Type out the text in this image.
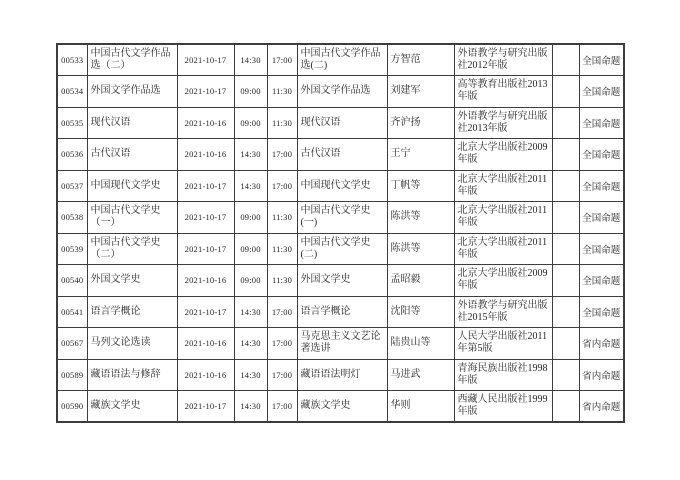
00533	中国古代文学作品选（二）	2021-10-17	14:30	17:00	中国古代文学作品选(二)	方智范	外语教学与研究出版社2012年版		全国命题
00534	外国文学作品选	2021-10-17	09:00	11:30	外国文学作品选	刘建军	高等教育出版社2013年版		全国命题
00535	现代汉语	2021-10-16	09:00	11:30	现代汉语	齐沪扬	外语教学与研究出版社2013年版		全国命题
00536	古代汉语	2021-10-16	14:30	17:00	古代汉语	王宁	北京大学出版社2009年版		全国命题
00537	中国现代文学史	2021-10-17	14:30	17:00	中国现代文学史	丁帆等	北京大学出版社2011年版		全国命题
00538	中国古代文学史（一）	2021-10-17	09:00	11:30	中国古代文学史(一)	陈洪等	北京大学出版社2011年版		全国命题
00539	中国古代文学史（二）	2021-10-17	09:00	11:30	中国古代文学史(二)	陈洪等	北京大学出版社2011年版		全国命题
00540	外国文学史	2021-10-16	09:00	11:30	外国文学史	孟昭毅	北京大学出版社2009年版		全国命题
00541	语言学概论	2021-10-17	14:30	17:00	语言学概论	沈阳等	外语教学与研究出版社2015年版		全国命题
00567	马列文论选读	2021-10-16	14:30	17:00	马克思主义文艺论著选讲	陆贵山等	人民大学出版社2011年第5版		省内命题
00589	藏语语法与修辞	2021-10-16	14:30	17:00	藏语语法明灯	马进武	青海民族出版社1998年版		省内命题
00590	藏族文学史	2021-10-17	14:30	17:00	藏族文学史	华则	西藏人民出版社1999年版		省内命题
